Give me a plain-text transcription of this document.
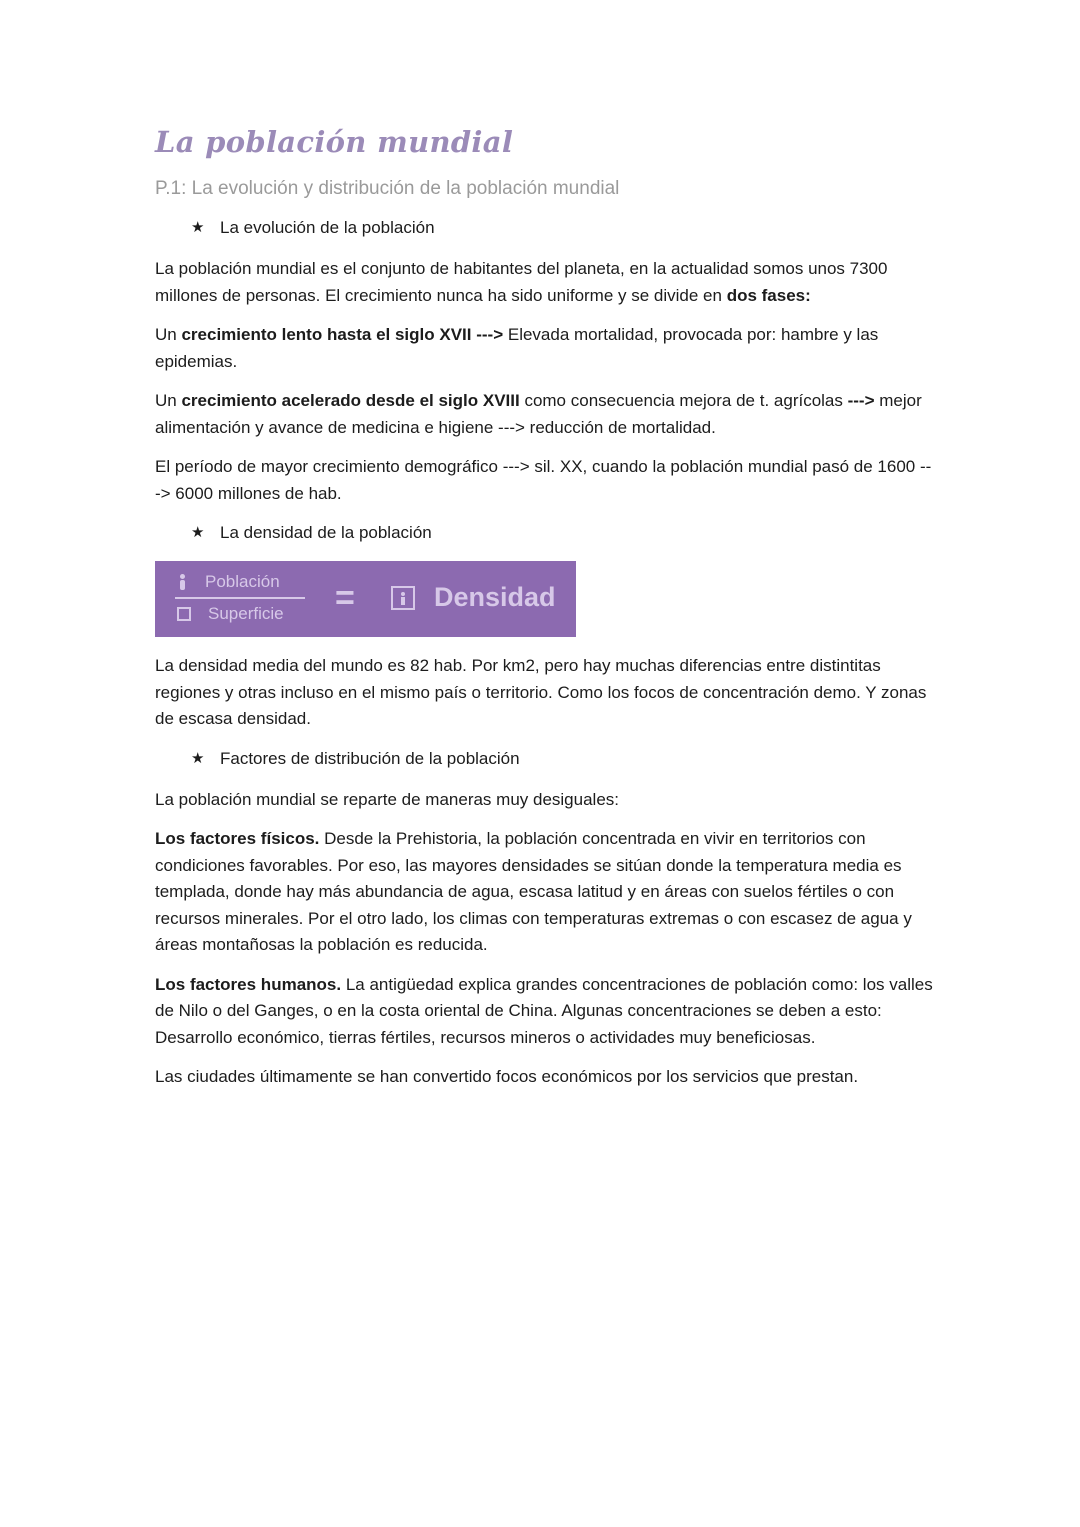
La población mundial
P.1: La evolución y distribución de la población mundial
★ La evolución de la población

La población mundial es el conjunto de habitantes del planeta, en la actualidad somos unos 7300 millones de personas. El crecimiento nunca ha sido uniforme y se divide en dos fases:

Un crecimiento lento hasta el siglo XVII ---> Elevada mortalidad, provocada por: hambre y las epidemias.

Un crecimiento acelerado desde el siglo XVIII como consecuencia mejora de t. agrícolas ---> mejor alimentación y avance de medicina e higiene ---> reducción de mortalidad.

El período de mayor crecimiento demográfico ---> sil. XX, cuando la población mundial pasó de 1600 ---> 6000 millones de hab.

★ La densidad de la población
Población
Superficie =	Densidad

La densidad media del mundo es 82 hab. Por km2, pero hay muchas diferencias entre distintitas regiones y otras incluso en el mismo país o territorio. Como los focos de concentración demo. Y zonas de escasa densidad.

★ Factores de distribución de la población

La población mundial se reparte de maneras muy desiguales:

Los factores físicos. Desde la Prehistoria, la población concentrada en vivir en territorios con condiciones favorables. Por eso, las mayores densidades se sitúan donde la temperatura media es templada, donde hay más abundancia de agua, escasa latitud y en áreas con suelos fértiles o con recursos minerales. Por el otro lado, los climas con temperaturas extremas o con escasez de agua y áreas montañosas la población es reducida.

Los factores humanos. La antigüedad explica grandes concentraciones de población como: los valles de Nilo o del Ganges, o en la costa oriental de China. Algunas concentraciones se deben a esto: Desarrollo económico, tierras fértiles, recursos mineros o actividades muy beneficiosas.

Las ciudades últimamente se han convertido focos económicos por los servicios que prestan.
